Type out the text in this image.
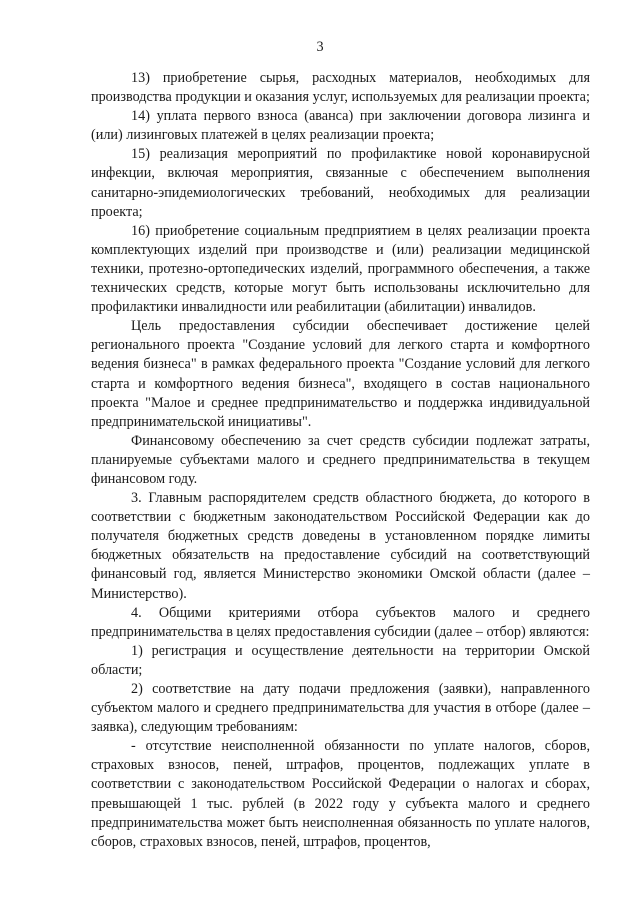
3

13) приобретение сырья, расходных материалов, необходимых для производства продукции и оказания услуг, используемых для реализации проекта;

14) уплата первого взноса (аванса) при заключении договора лизинга и (или) лизинговых платежей в целях реализации проекта;

15) реализация мероприятий по профилактике новой коронавирусной инфекции, включая мероприятия, связанные с обеспечением выполнения санитарно-эпидемиологических требований, необходимых для реализации проекта;

16) приобретение социальным предприятием в целях реализации проекта комплектующих изделий при производстве и (или) реализации медицинской техники, протезно-ортопедических изделий, программного обеспечения, а также технических средств, которые могут быть использованы исключительно для профилактики инвалидности или реабилитации (абилитации) инвалидов.

Цель предоставления субсидии обеспечивает достижение целей регионального проекта "Создание условий для легкого старта и комфортного ведения бизнеса" в рамках федерального проекта "Создание условий для легкого старта и комфортного ведения бизнеса", входящего в состав национального проекта "Малое и среднее предпринимательство и поддержка индивидуальной предпринимательской инициативы".

Финансовому обеспечению за счет средств субсидии подлежат затраты, планируемые субъектами малого и среднего предпринимательства в текущем финансовом году.

3. Главным распорядителем средств областного бюджета, до которого в соответствии с бюджетным законодательством Российской Федерации как до получателя бюджетных средств доведены в установленном порядке лимиты бюджетных обязательств на предоставление субсидий на соответствующий финансовый год, является Министерство экономики Омской области (далее – Министерство).

4. Общими критериями отбора субъектов малого и среднего предпринимательства в целях предоставления субсидии (далее – отбор) являются:

1) регистрация и осуществление деятельности на территории Омской области;

2) соответствие на дату подачи предложения (заявки), направленного субъектом малого и среднего предпринимательства для участия в отборе (далее – заявка), следующим требованиям:

- отсутствие неисполненной обязанности по уплате налогов, сборов, страховых взносов, пеней, штрафов, процентов, подлежащих уплате в соответствии с законодательством Российской Федерации о налогах и сборах, превышающей 1 тыс. рублей (в 2022 году у субъекта малого и среднего предпринимательства может быть неисполненная обязанность по уплате налогов, сборов, страховых взносов, пеней, штрафов, процентов,
